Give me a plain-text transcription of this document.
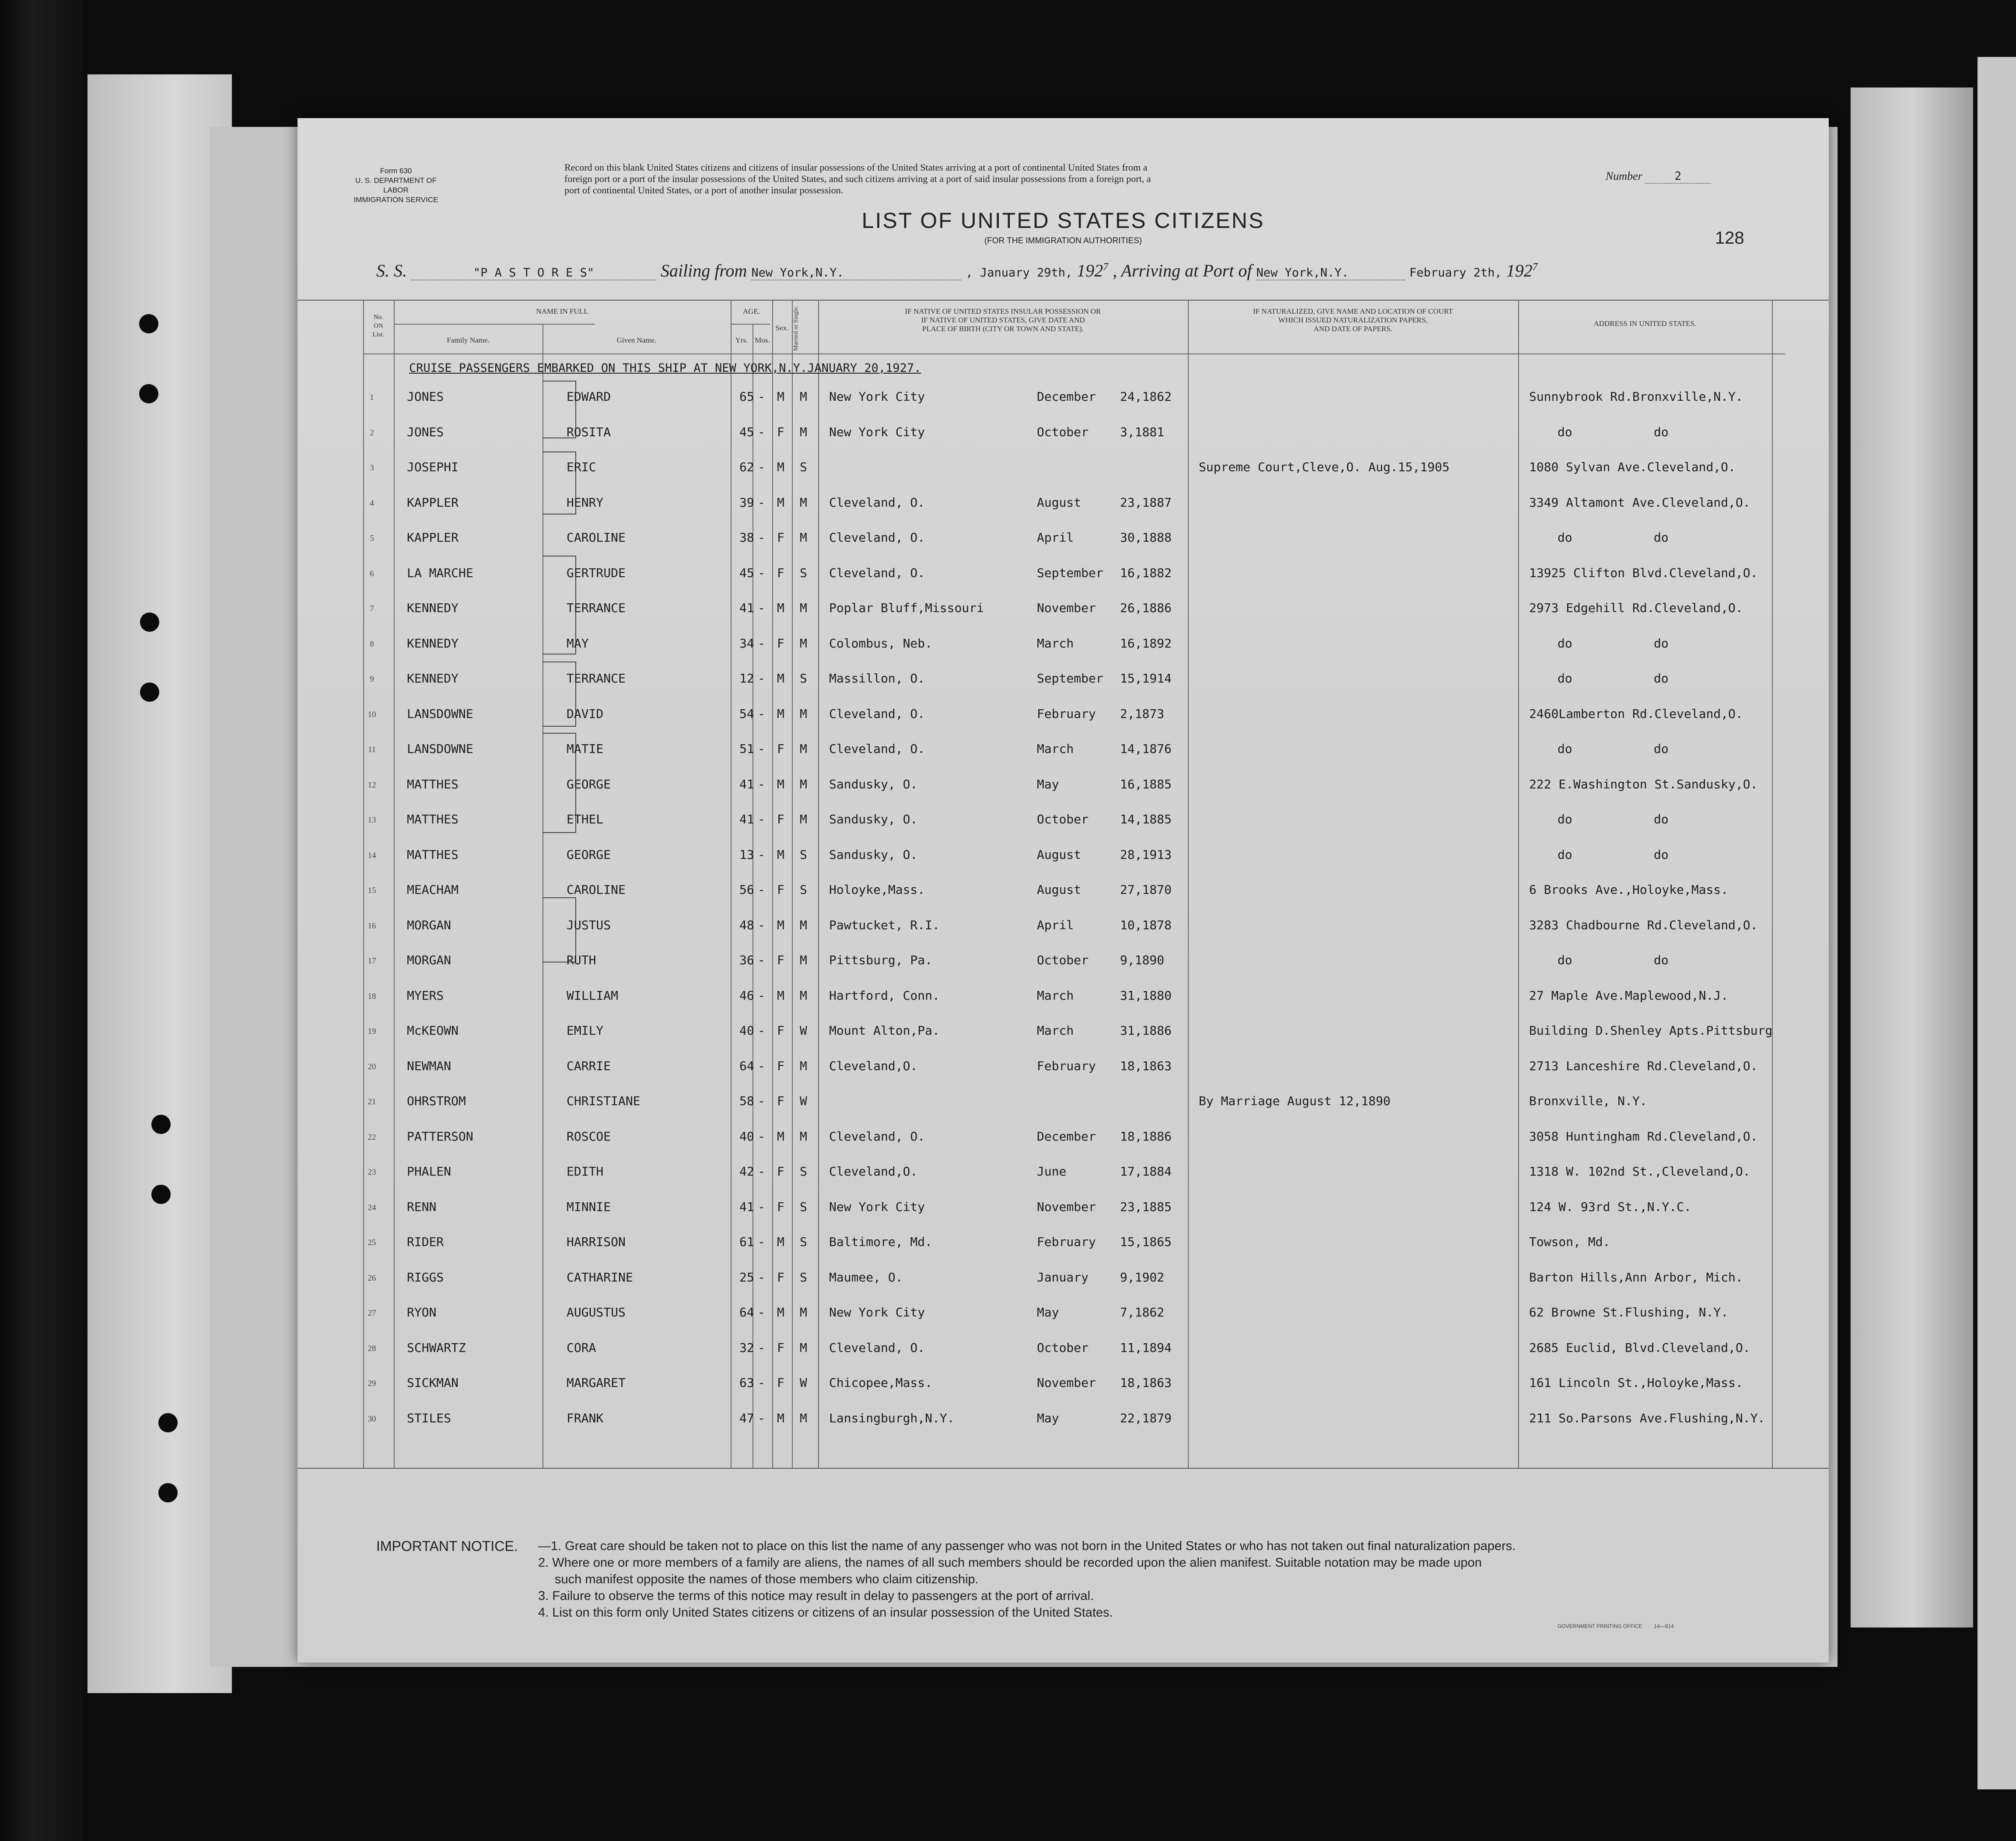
Form 630
U. S. DEPARTMENT OF LABOR
IMMIGRATION SERVICE
Record on this blank United States citizens and citizens of insular possessions of the United States arriving at a port of continental United States from a
foreign port or a port of the insular possessions of the United States, and such citizens arriving at a port of said insular possessions from a foreign port, a
port of continental United States, or a port of another insular possession.
Number	2
LIST OF UNITED STATES CITIZENS
(FOR THE IMMIGRATION AUTHORITIES)	128
S. S.	"P A S T O R E S"	Sailing from New York,N.Y.	, January 29th, $192^7$ , Arriving at Port of New York,N.Y.	February 2th, $192^7$
No.
ON
List.
NAME IN FULL
Family Name.	Given Name.
AGE.
Yrs. Mos.
Sex. Married or Single.	IF NATIVE OF UNITED STATES INSULAR POSSESSION OR
IF NATIVE OF UNITED STATES, GIVE DATE AND
PLACE OF BIRTH (CITY OR TOWN AND STATE).
IF NATURALIZED, GIVE NAME AND LOCATION OF COURT
WHICH ISSUED NATURALIZATION PAPERS,
AND DATE OF PAPERS.
ADDRESS IN UNITED STATES.
CRUISE PASSENGERS EMBARKED ON THIS SHIP AT NEW YORK,N.Y.JANUARY 20,1927.
1	JONES	EDWARD	65 - M M New York City	December 24,1862	Sunnybrook Rd.Bronxville,N.Y.
2	JONES	ROSITA	45 - F M New York City	October	3,1881	do	do
3	JOSEPHI	ERIC	62 - M S	Supreme Court,Cleve,O. Aug.15,1905	1080 Sylvan Ave.Cleveland,O.
4	KAPPLER	HENRY	39 - M M Cleveland, O.	August	23,1887	3349 Altamont Ave.Cleveland,O.
5	KAPPLER	CAROLINE	38 - F M Cleveland, O.	April	30,1888	do	do
6	LA MARCHE	GERTRUDE	45 - F S Cleveland, O.	September 16,1882	13925 Clifton Blvd.Cleveland,O.
7	KENNEDY	TERRANCE	41 - M M Poplar Bluff,Missouri	November 26,1886	2973 Edgehill Rd.Cleveland,O.
8	KENNEDY	MAY	34 - F M Colombus, Neb.	March	16,1892	do	do
9	KENNEDY	TERRANCE	12 - M S Massillon, O.	September 15,1914	do	do
10	LANSDOWNE	DAVID	54 - M M Cleveland, O.	February 2,1873	2460Lamberton Rd.Cleveland,O.
11	LANSDOWNE	MATIE	51 - F M Cleveland, O.	March	14,1876	do	do
12	MATTHES	GEORGE	41 - M M Sandusky, O.	May	16,1885	222 E.Washington St.Sandusky,O.
13	MATTHES	ETHEL	41 - F M Sandusky, O.	October	14,1885	do	do
14	MATTHES	GEORGE	13 - M S Sandusky, O.	August	28,1913	do	do
15	MEACHAM	CAROLINE	56 - F S Holoyke,Mass.	August	27,1870	6 Brooks Ave.,Holoyke,Mass.
16	MORGAN	JUSTUS	48 - M M Pawtucket, R.I.	April	10,1878	3283 Chadbourne Rd.Cleveland,O.
17	MORGAN	RUTH	36 - F M Pittsburg, Pa.	October	9,1890	do	do
18	MYERS	WILLIAM	46 - M M Hartford, Conn.	March	31,1880	27 Maple Ave.Maplewood,N.J.
19	McKEOWN	EMILY	40 - F W Mount Alton,Pa.	March	31,1886	Building D.Shenley Apts.Pittsburg
20	NEWMAN	CARRIE	64 - F M Cleveland,O.	February 18,1863	2713 Lanceshire Rd.Cleveland,O.
21	OHRSTROM	CHRISTIANE	58 - F W	By Marriage August 12,1890	Bronxville, N.Y.
22	PATTERSON	ROSCOE	40 - M M Cleveland, O.	December 18,1886	3058 Huntingham Rd.Cleveland,O.
23	PHALEN	EDITH	42 - F S Cleveland,O.	June	17,1884	1318 W. 102nd St.,Cleveland,O.
24	RENN	MINNIE	41 - F S New York City	November 23,1885	124 W. 93rd St.,N.Y.C.
25	RIDER	HARRISON	61 - M S Baltimore, Md.	February 15,1865	Towson, Md.
26	RIGGS	CATHARINE	25 - F S Maumee, O.	January	9,1902	Barton Hills,Ann Arbor, Mich.
27	RYON	AUGUSTUS	64 - M M New York City	May	7,1862	62 Browne St.Flushing, N.Y.
28	SCHWARTZ	CORA	32 - F M Cleveland, O.	October	11,1894	2685 Euclid, Blvd.Cleveland,O.
29	SICKMAN	MARGARET	63 - F W Chicopee,Mass.	November 18,1863	161 Lincoln St.,Holoyke,Mass.
30	STILES	FRANK	47 - M M Lansingburgh,N.Y.	May	22,1879	211 So.Parsons Ave.Flushing,N.Y.
IMPORTANT NOTICE.	—1. Great care should be taken not to place on this list the name of any passenger who was not born in the United States or who has not taken out final naturalization papers.
2. Where one or more members of a family are aliens, the names of all such members should be recorded upon the alien manifest. Suitable notation may be made upon
such manifest opposite the names of those members who claim citizenship.
3. Failure to observe the terms of this notice may result in delay to passengers at the port of arrival.
4. List on this form only United States citizens or citizens of an insular possession of the United States.
GOVERNMENT PRINTING OFFICE 14—814
